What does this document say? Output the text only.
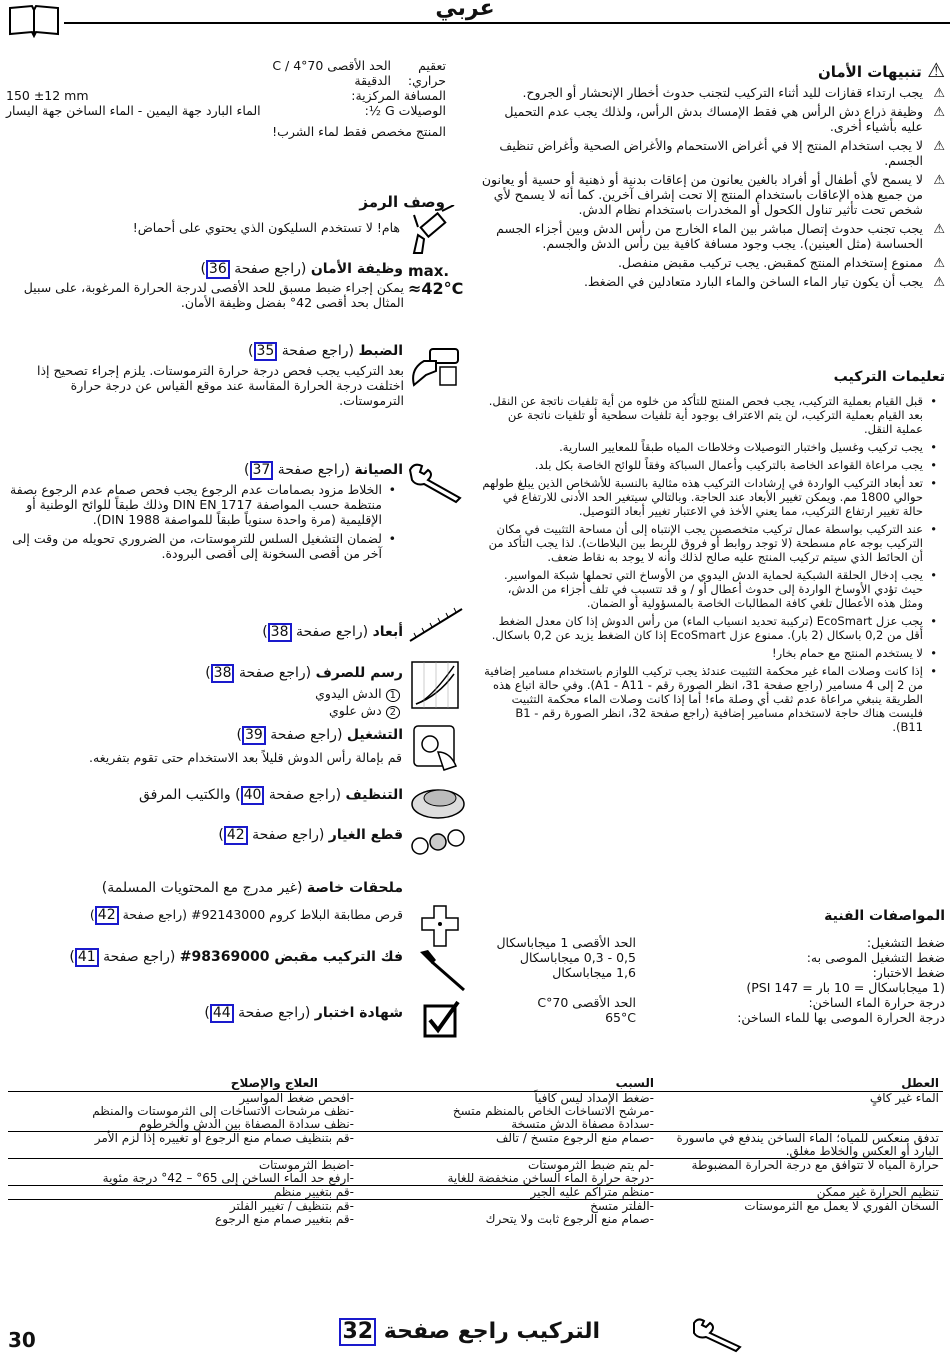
عربي
تعقيم حراري:
الحد الأقصى 70°C / 4 الدقيقة
المسافة المركزية:
150 ±12 mm
الوصيلات G ½:
الماء البارد جهة اليمين - الماء الساخن جهة اليسار
المنتج مخصص فقط لماء الشرب!
وصف الرمز
هام! لا تستخدم السليكون الذي يحتوي على أحماض!
max.
≈42°C
وظيفة الأمان (راجع صفحة 36)
يمكن إجراء ضبط مسبق للحد الأقصى لدرجة الحرارة المرغوبة، على سبيل المثال بحد أقصى 42° بفضل وظيفة الأمان.
الضبط (راجع صفحة 35)
بعد التركيب يجب فحص درجة حرارة الترموستات. يلزم إجراء تصحيح إذا اختلفت درجة الحرارة المقاسة عند موقع القياس عن درجة حرارة الترموستات.
الصيانة (راجع صفحة 37)
•
الخلاط مزود بصمامات عدم الرجوع يجب فحص صمام عدم الرجوع بصفة منتظمة حسب المواصفة DIN EN 1717 وذلك طبقاً للوائح الوطنية أو الإقليمية (مرة واحدة سنوياً طبقاً للمواصفة DIN 1988).
•
لضمان التشغيل السلس للترموستات، من الضروري تحويله من وقت إلى آخر من أقصى السخونة إلى أقصى البرودة.
أبعاد (راجع صفحة 38)
رسم للصرف (راجع صفحة 38)
1 الدش اليدوي
2 دش علوي
التشغيل (راجع صفحة 39)
قم بإمالة رأس الدوش قليلاً بعد الاستخدام حتى تقوم بتفريغه.
التنظيف (راجع صفحة 40) والكتيب المرفق
قطع الغيار (راجع صفحة 42)
ملحقات خاصة (غير مدرج مع المحتويات المسلمة)
قرص مطابقة البلاط كروم 92143000# (راجع صفحة 42)
فك التركيب مقبض 98369000# (راجع صفحة 41)
شهادة اختبار (راجع صفحة 44)
⚠ تنبيهات الأمان
⚠
يجب ارتداء قفازات لليد أثناء التركيب لتجنب حدوث أخطار الإنحشار أو الجروح.
⚠
وظيفة ذراع دش الرأس هي فقط الإمساك بدش الرأس، ولذلك يجب عدم التحميل عليه بأشياء أخرى.
⚠
لا يجب استخدام المنتج إلا في أغراض الاستحمام والأغراض الصحية وأغراض تنظيف الجسم.
⚠
لا يسمح لأي أطفال أو أفراد بالغين يعانون من إعاقات بدنية أو ذهنية أو حسية أو يعانون من جميع هذه الإعاقات باستخدام المنتج إلا تحت إشراف آخرين. كما أنه لا يسمح لأي شخص تحت تأثير تناول الكحول أو المخدرات باستخدام نظام الدش.
⚠
يجب تجنب حدوث إتصال مباشر بين الماء الخارج من رأس الدش وبين أجزاء الجسم الحساسة (مثل العينين). يجب وجود مسافة كافية بين رأس الدش والجسم.
⚠
ممنوع إستخدام المنتج كمقبض. يجب تركيب مقبض منفصل.
⚠
يجب أن يكون تيار الماء الساخن والماء البارد متعادلين في الضغط.
تعليمات التركيب
•
قبل القيام بعملية التركيب، يجب فحص المنتج للتأكد من خلوه من أية تلفيات ناتجة عن النقل. بعد القيام بعملية التركيب، لن يتم الاعتراف بوجود أية تلفيات سطحية أو تلفيات ناتجة عن عملية النقل.
•
يجب تركيب وغسيل واختبار التوصيلات وخلاطات المياه طبقاً للمعايير السارية.
•
يجب مراعاة القواعد الخاصة بالتركيب وأعمال السباكة وفقاً للوائح الخاصة بكل بلد.
•
تعد أبعاد التركيب الواردة في إرشادات التركيب هذه مثالية بالنسبة للأشخاص الذين يبلغ طولهم حوالي 1800 مم. ويمكن تغيير الأبعاد عند الحاجة. وبالتالي سيتغير الحد الأدنى للارتفاع في حالة تغيير ارتفاع التركيب، مما يعني الأخذ في الاعتبار تغيير أبعاد التوصيل.
•
عند التركيب بواسطة عمال تركيب متخصصين يجب الإنتباه إلى أن مساحة التثبيت في مكان التركيب بوجه عام مسطحة (لا توجد روابط أو فروق للربط بين البلاطات). لذا يجب التأكد من أن الحائط الذي سيتم تركيب المنتج عليه صالح لذلك وأنه لا يوجد به نقاط ضعف.
•
يجب إدخال الحلقة الشبكية لحماية الدش اليدوي من الأوساخ التي تحملها شبكة المواسير. حيث تؤدي الأوساخ الواردة إلى حدوث أعطال أو / و قد تتسبب في تلف أجزاء من الدش، ومثل هذه الأعطال تلغي كافة المطالبات الخاصة بالمسؤولية أو الضمان.
•
يجب عزل EcoSmart (تركيبة تحديد انسياب الماء) من رأس الدوش إذا كان معدل الضغط أقل من 0,2 باسكال (2 بار). ممنوع عزل EcoSmart إذا كان الضغط يزيد عن 0,2 باسكال.
•
لا يستخدم المنتج مع حمام بخار!
•
إذا كانت وصلات الماء غير محكمة التثبيت عندئذ يجب تركيب اللوازم باستخدام مسامير إضافية من 2 إلى 4 مسامير (راجع صفحة 31، انظر الصورة رقم - A1 - A11). وفي حالة اتباع هذه الطريقة ينبغي مراعاة عدم ثقب أي وصلة ماء! أما إذا كانت وصلات الماء محكمة التثبيت فليست هناك حاجة لاستخدام مسامير إضافية (راجع صفحة 32، انظر الصورة رقم B1 - B11).
المواصفات الفنية
ضغط التشغيل:
الحد الأقصى 1 ميجاباسكال
ضغط التشغيل الموصى به:
0,5 - 0,3 ميجاباسكال
ضغط الاختبار:
1,6 ميجاباسكال
(1 ميجاباسكال = 10 بار = 147 PSI)
درجة حرارة الماء الساخن:
الحد الأقصى 70°C
درجة الحرارة الموصى بها للماء الساخن:
65°C
العطل	السبب	العلاج والإصلاح
الماء غير كافٍ	-ضغط الإمداد ليس كافياً	-افحص ضغط المواسير
	-مرشح الاتساخات الخاص بالمنظم متسخ	-نظف مرشحات الاتساخات إلى الثرموستات والمنظم
	-سدادة مصفاة الدش متسخة	-نظف سدادة المصفاة بين الدش والخرطوم
تدفق منعكس للمياه؛ الماء الساخن يندفع في ماسورة البارد أو العكس والخلاط مغلق.	-صمام منع الرجوع متسخ / تالف	-قم بتنظيف صمام منع الرجوع أو تغييره إذا لزم الأمر
حرارة المياه لا تتوافق مع درجة الحرارة المضبوطة	-لم يتم ضبط الثرموستات	-اضبط الثرموستات
	-درجة حرارة الماء الساخن منخفضة للغاية	-ارفع حد الماء الساخن إلى 65° – 42° درجة مئوية
تنظيم الحرارة غير ممكن	-منظم متراكم عليه الجير	-قم بتغيير منظم
السخان الفوري لا يعمل مع الثرموستات	-الفلتر متسخ	-قم بتنظيف / تغيير الفلتر
	-صمام منع الرجوع ثابت ولا يتحرك	-قم بتغيير صمام منع الرجوع
30	التركيب راجع صفحة 32
